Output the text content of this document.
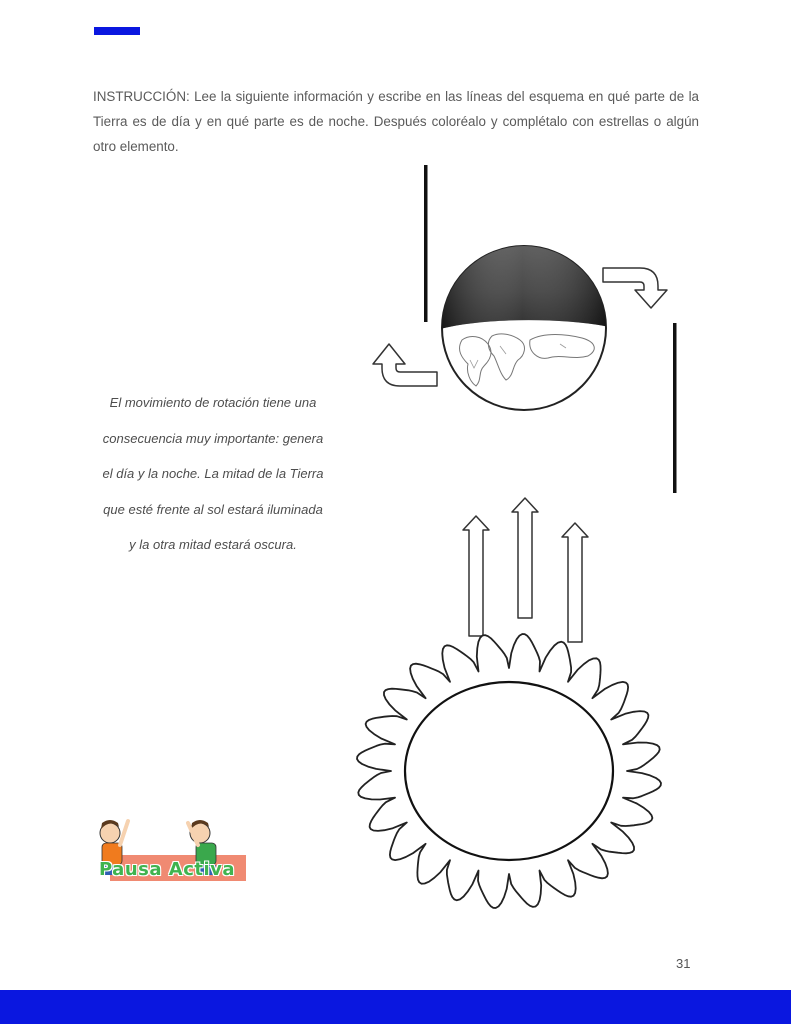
INSTRUCCIÓN: Lee la siguiente información y escribe en las líneas del esquema en qué parte de la Tierra es de día y en qué parte es de noche. Después coloréalo y complétalo con estrellas o algún otro elemento.
El movimiento de rotación tiene una
consecuencia muy importante: genera
el día y la noche. La mitad de la Tierra
que esté frente al sol estará iluminada
y la otra mitad estará oscura.
Pausa Activa
31
